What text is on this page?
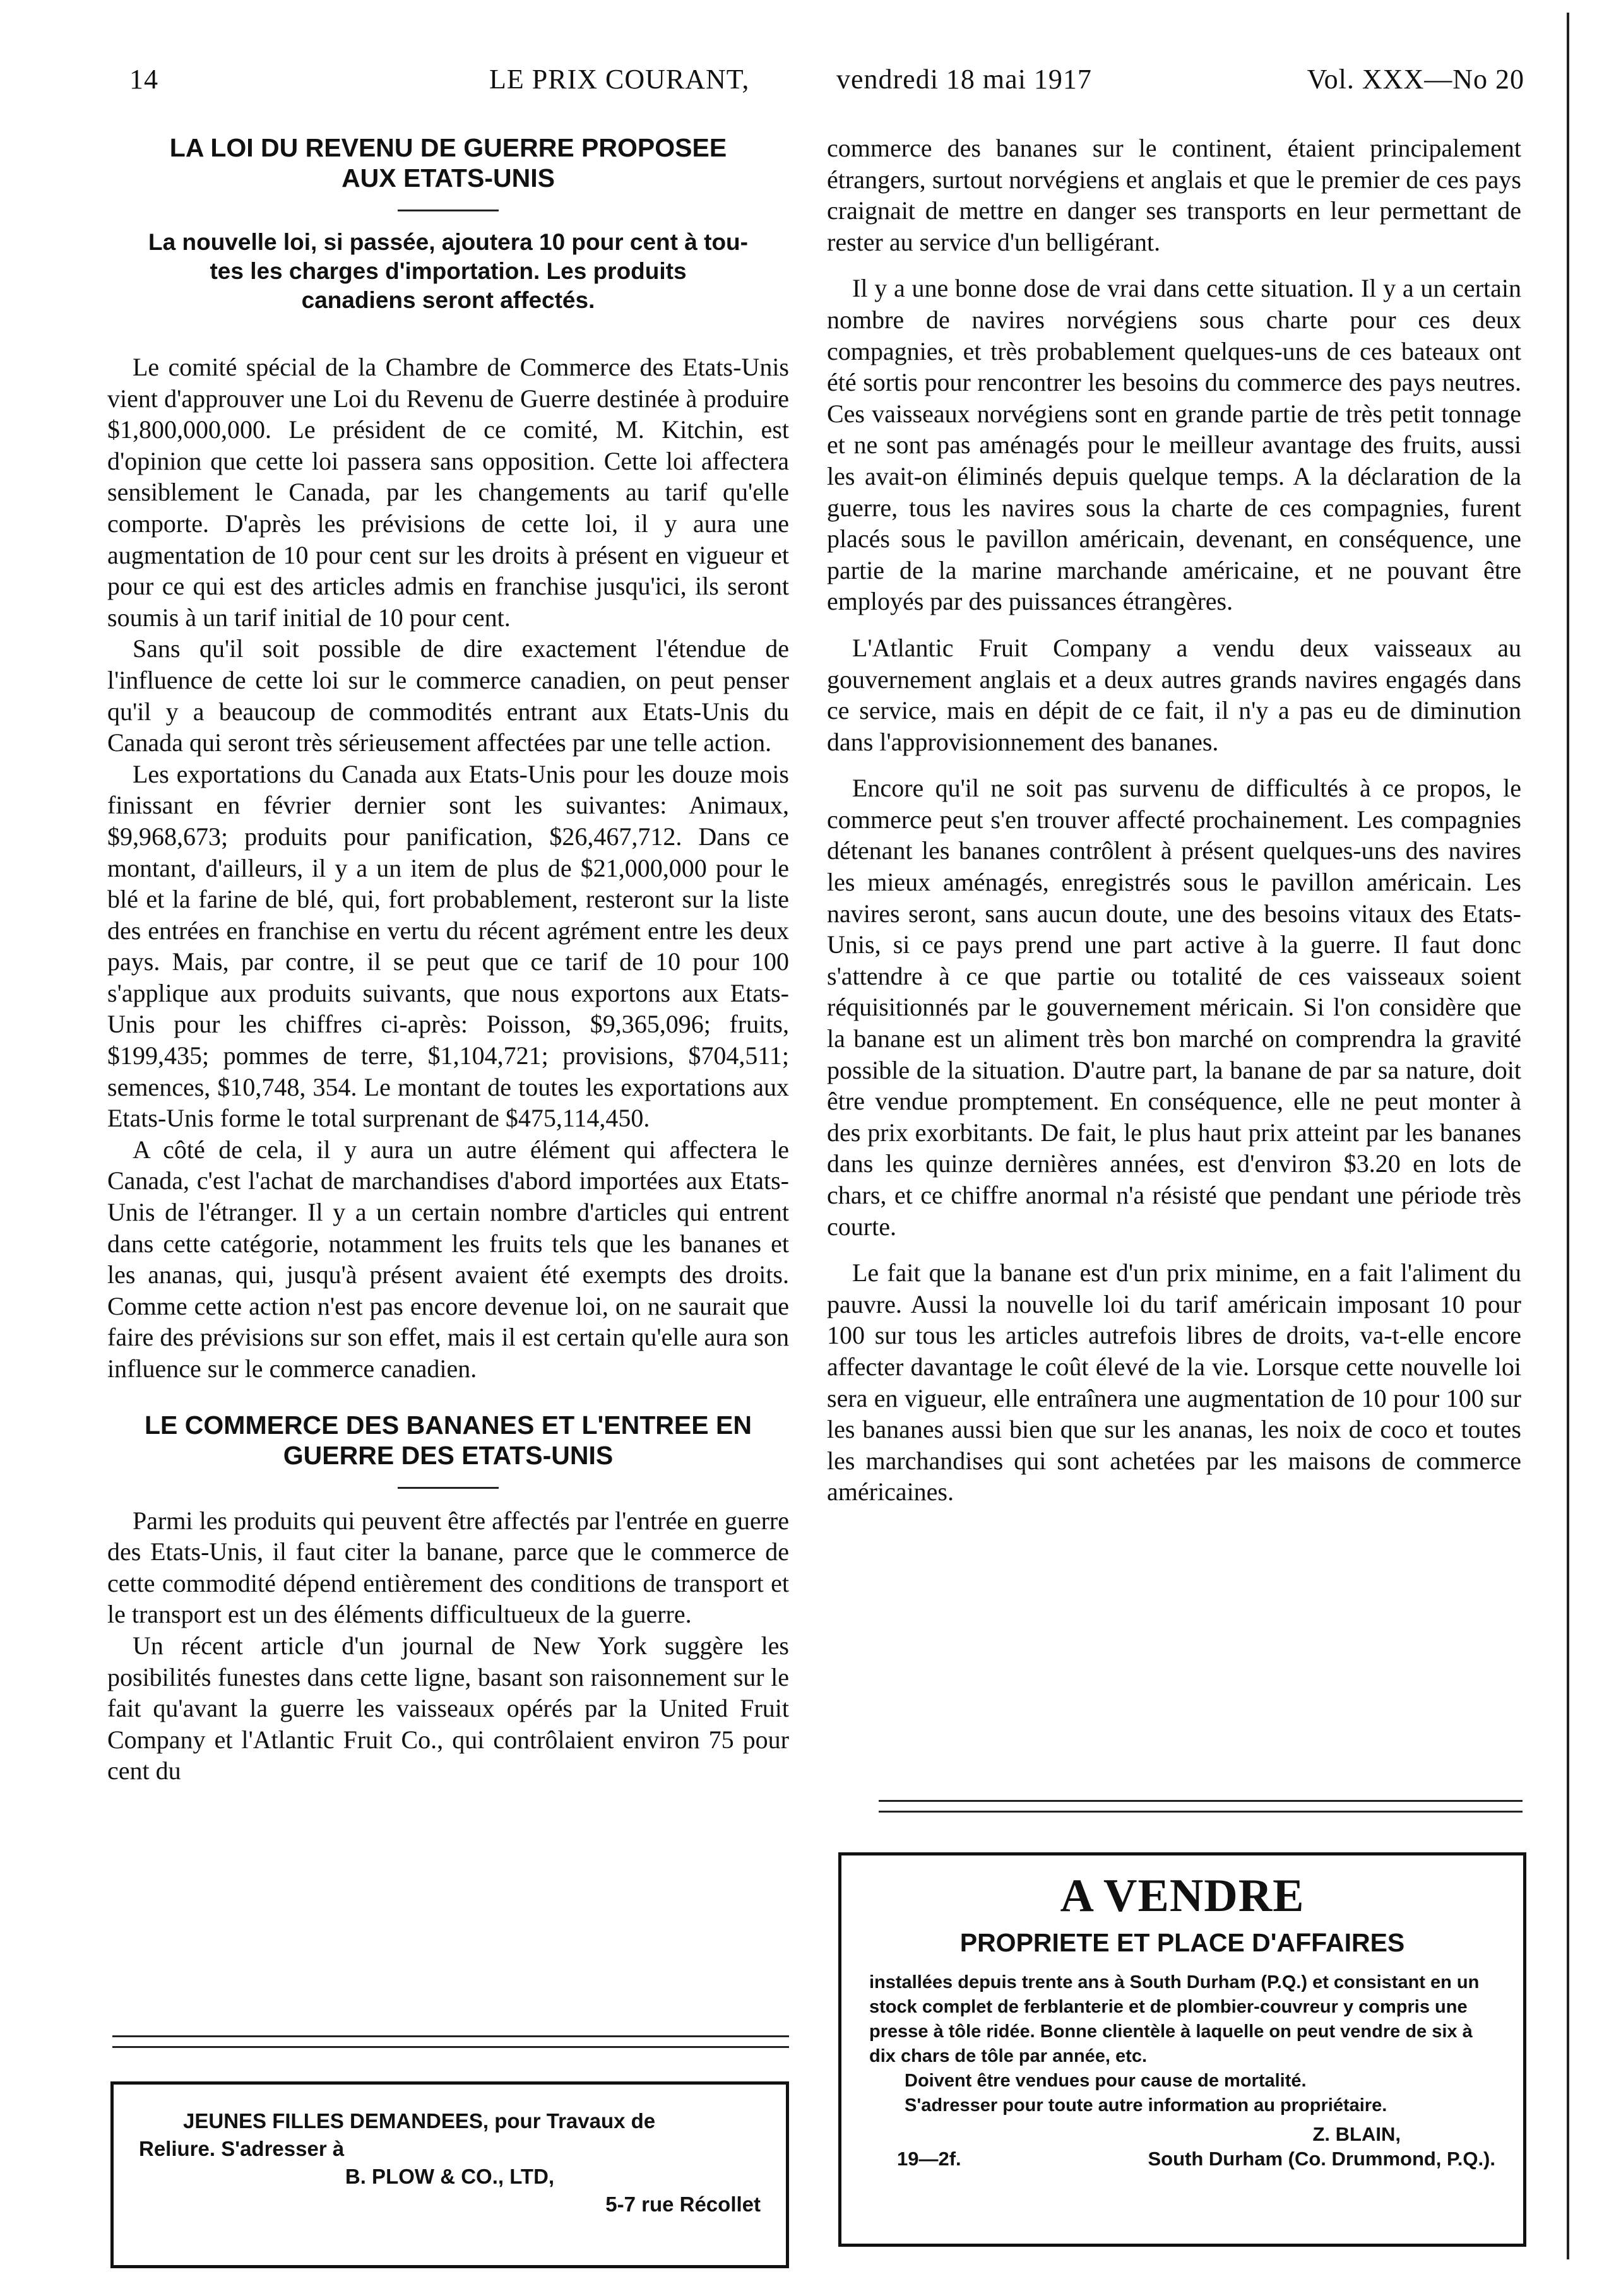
14	LE PRIX COURANT,	vendredi 18 mai 1917	Vol. XXX—No 20
LA LOI DU REVENU DE GUERRE PROPOSEE
AUX ETATS-UNIS
La nouvelle loi, si passée, ajoutera 10 pour cent à tou-
tes les charges d'importation. Les produits
canadiens seront affectés.

Le comité spécial de la Chambre de Commerce des Etats-Unis vient d'approuver une Loi du Revenu de Guerre destinée à produire $1,800,000,000. Le président de ce comité, M. Kitchin, est d'opinion que cette loi passera sans opposition. Cette loi affectera sensiblement le Canada, par les changements au tarif qu'elle comporte. D'après les prévisions de cette loi, il y aura une augmentation de 10 pour cent sur les droits à présent en vigueur et pour ce qui est des articles admis en franchise jusqu'ici, ils seront soumis à un tarif initial de 10 pour cent.

Sans qu'il soit possible de dire exactement l'étendue de l'influence de cette loi sur le commerce canadien, on peut penser qu'il y a beaucoup de commodités entrant aux Etats-Unis du Canada qui seront très sérieusement affectées par une telle action.

Les exportations du Canada aux Etats-Unis pour les douze mois finissant en février dernier sont les suivantes: Animaux, $9,968,673; produits pour panification, $26,467,712. Dans ce montant, d'ailleurs, il y a un item de plus de $21,000,000 pour le blé et la farine de blé, qui, fort probablement, resteront sur la liste des entrées en franchise en vertu du récent agrément entre les deux pays. Mais, par contre, il se peut que ce tarif de 10 pour 100 s'applique aux produits suivants, que nous exportons aux Etats-Unis pour les chiffres ci-après: Poisson, $9,365,096; fruits, $199,435; pommes de terre, $1,104,721; provisions, $704,511; semences, $10,748, 354. Le montant de toutes les exportations aux Etats-Unis forme le total surprenant de $475,114,450.

A côté de cela, il y aura un autre élément qui affectera le Canada, c'est l'achat de marchandises d'abord importées aux Etats-Unis de l'étranger. Il y a un certain nombre d'articles qui entrent dans cette catégorie, notamment les fruits tels que les bananes et les ananas, qui, jusqu'à présent avaient été exempts des droits. Comme cette action n'est pas encore devenue loi, on ne saurait que faire des prévisions sur son effet, mais il est certain qu'elle aura son influence sur le commerce canadien.

LE COMMERCE DES BANANES ET L'ENTREE EN
GUERRE DES ETATS-UNIS

Parmi les produits qui peuvent être affectés par l'entrée en guerre des Etats-Unis, il faut citer la banane, parce que le commerce de cette commodité dépend entièrement des conditions de transport et le transport est un des éléments difficultueux de la guerre.

Un récent article d'un journal de New York suggère les posibilités funestes dans cette ligne, basant son raisonnement sur le fait qu'avant la guerre les vaisseaux opérés par la United Fruit Company et l'Atlantic Fruit Co., qui contrôlaient environ 75 pour cent du

commerce des bananes sur le continent, étaient principalement étrangers, surtout norvégiens et anglais et que le premier de ces pays craignait de mettre en danger ses transports en leur permettant de rester au service d'un belligérant.

Il y a une bonne dose de vrai dans cette situation. Il y a un certain nombre de navires norvégiens sous charte pour ces deux compagnies, et très probablement quelques-uns de ces bateaux ont été sortis pour rencontrer les besoins du commerce des pays neutres. Ces vaisseaux norvégiens sont en grande partie de très petit tonnage et ne sont pas aménagés pour le meilleur avantage des fruits, aussi les avait-on éliminés depuis quelque temps. A la déclaration de la guerre, tous les navires sous la charte de ces compagnies, furent placés sous le pavillon américain, devenant, en conséquence, une partie de la marine marchande américaine, et ne pouvant être employés par des puissances étrangères.

L'Atlantic Fruit Company a vendu deux vaisseaux au gouvernement anglais et a deux autres grands navires engagés dans ce service, mais en dépit de ce fait, il n'y a pas eu de diminution dans l'approvisionnement des bananes.

Encore qu'il ne soit pas survenu de difficultés à ce propos, le commerce peut s'en trouver affecté prochainement. Les compagnies détenant les bananes contrôlent à présent quelques-uns des navires les mieux aménagés, enregistrés sous le pavillon américain. Les navires seront, sans aucun doute, une des besoins vitaux des Etats-Unis, si ce pays prend une part active à la guerre. Il faut donc s'attendre à ce que partie ou totalité de ces vaisseaux soient réquisitionnés par le gouvernement méricain. Si l'on considère que la banane est un aliment très bon marché on comprendra la gravité possible de la situation. D'autre part, la banane de par sa nature, doit être vendue promptement. En conséquence, elle ne peut monter à des prix exorbitants. De fait, le plus haut prix atteint par les bananes dans les quinze dernières années, est d'environ $3.20 en lots de chars, et ce chiffre anormal n'a résisté que pendant une période très courte.

Le fait que la banane est d'un prix minime, en a fait l'aliment du pauvre. Aussi la nouvelle loi du tarif américain imposant 10 pour 100 sur tous les articles autrefois libres de droits, va-t-elle encore affecter davantage le coût élevé de la vie. Lorsque cette nouvelle loi sera en vigueur, elle entraînera une augmentation de 10 pour 100 sur les bananes aussi bien que sur les ananas, les noix de coco et toutes les marchandises qui sont achetées par les maisons de commerce américaines.

JEUNES FILLES DEMANDEES, pour Travaux de
Reliure. S'adresser à
B. PLOW & CO., LTD,
5-7 rue Récollet
A VENDRE
PROPRIETE ET PLACE D'AFFAIRES
installées depuis trente ans à South Durham (P.Q.) et consistant en un stock complet de ferblanterie et de plombier-couvreur y compris une presse à tôle ridée. Bonne clientèle à laquelle on peut vendre de six à dix chars de tôle par année, etc.
Doivent être vendues pour cause de mortalité.
S'adresser pour toute autre information au propriétaire.
Z. BLAIN,
19—2f.	South Durham (Co. Drummond, P.Q.).
